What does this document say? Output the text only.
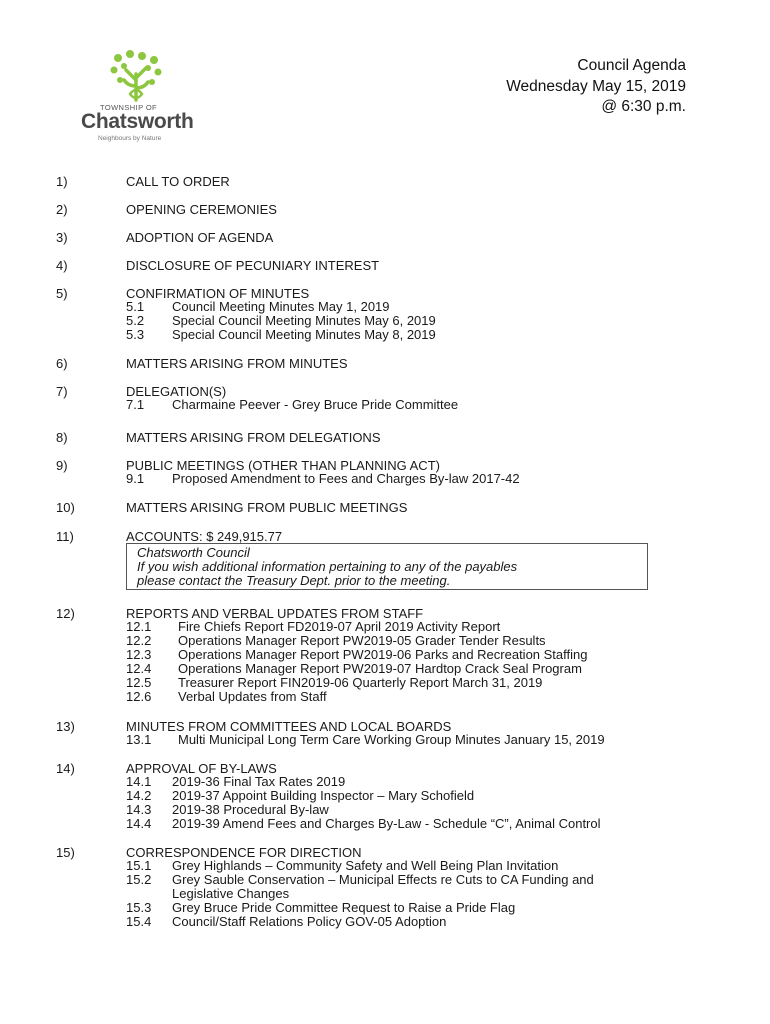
TOWNSHIP OF
Chatsworth
Neighbours by Nature
Council Agenda
Wednesday May 15, 2019
@ 6:30 p.m.
1)	CALL TO ORDER
2)	OPENING CEREMONIES
3)	ADOPTION OF AGENDA
4)	DISCLOSURE OF PECUNIARY INTEREST
5)	CONFIRMATION OF MINUTES
5.1 Council Meeting Minutes May 1, 2019
5.2 Special Council Meeting Minutes May 6, 2019
5.3 Special Council Meeting Minutes May 8, 2019
6)	MATTERS ARISING FROM MINUTES
7)	DELEGATION(S)
7.1 Charmaine Peever - Grey Bruce Pride Committee
8)	MATTERS ARISING FROM DELEGATIONS
9)	PUBLIC MEETINGS (OTHER THAN PLANNING ACT)
9.1 Proposed Amendment to Fees and Charges By-law 2017-42
10)	MATTERS ARISING FROM PUBLIC MEETINGS
11)	ACCOUNTS: $ 249,915.77
Chatsworth Council
If you wish additional information pertaining to any of the payables
please contact the Treasury Dept. prior to the meeting.
12)	REPORTS AND VERBAL UPDATES FROM STAFF
12.1 Fire Chiefs Report FD2019-07 April 2019 Activity Report
12.2 Operations Manager Report PW2019-05 Grader Tender Results
12.3 Operations Manager Report PW2019-06 Parks and Recreation Staffing
12.4 Operations Manager Report PW2019-07 Hardtop Crack Seal Program
12.5 Treasurer Report FIN2019-06 Quarterly Report March 31, 2019
12.6 Verbal Updates from Staff
13)	MINUTES FROM COMMITTEES AND LOCAL BOARDS
13.1 Multi Municipal Long Term Care Working Group Minutes January 15, 2019
14)	APPROVAL OF BY-LAWS
14.1 2019-36 Final Tax Rates 2019
14.2 2019-37 Appoint Building Inspector – Mary Schofield
14.3 2019-38 Procedural By-law
14.4 2019-39 Amend Fees and Charges By-Law - Schedule “C”, Animal Control
15)	CORRESPONDENCE FOR DIRECTION
15.1 Grey Highlands – Community Safety and Well Being Plan Invitation
15.2 Grey Sauble Conservation – Municipal Effects re Cuts to CA Funding and
Legislative Changes
15.3 Grey Bruce Pride Committee Request to Raise a Pride Flag
15.4 Council/Staff Relations Policy GOV-05 Adoption
